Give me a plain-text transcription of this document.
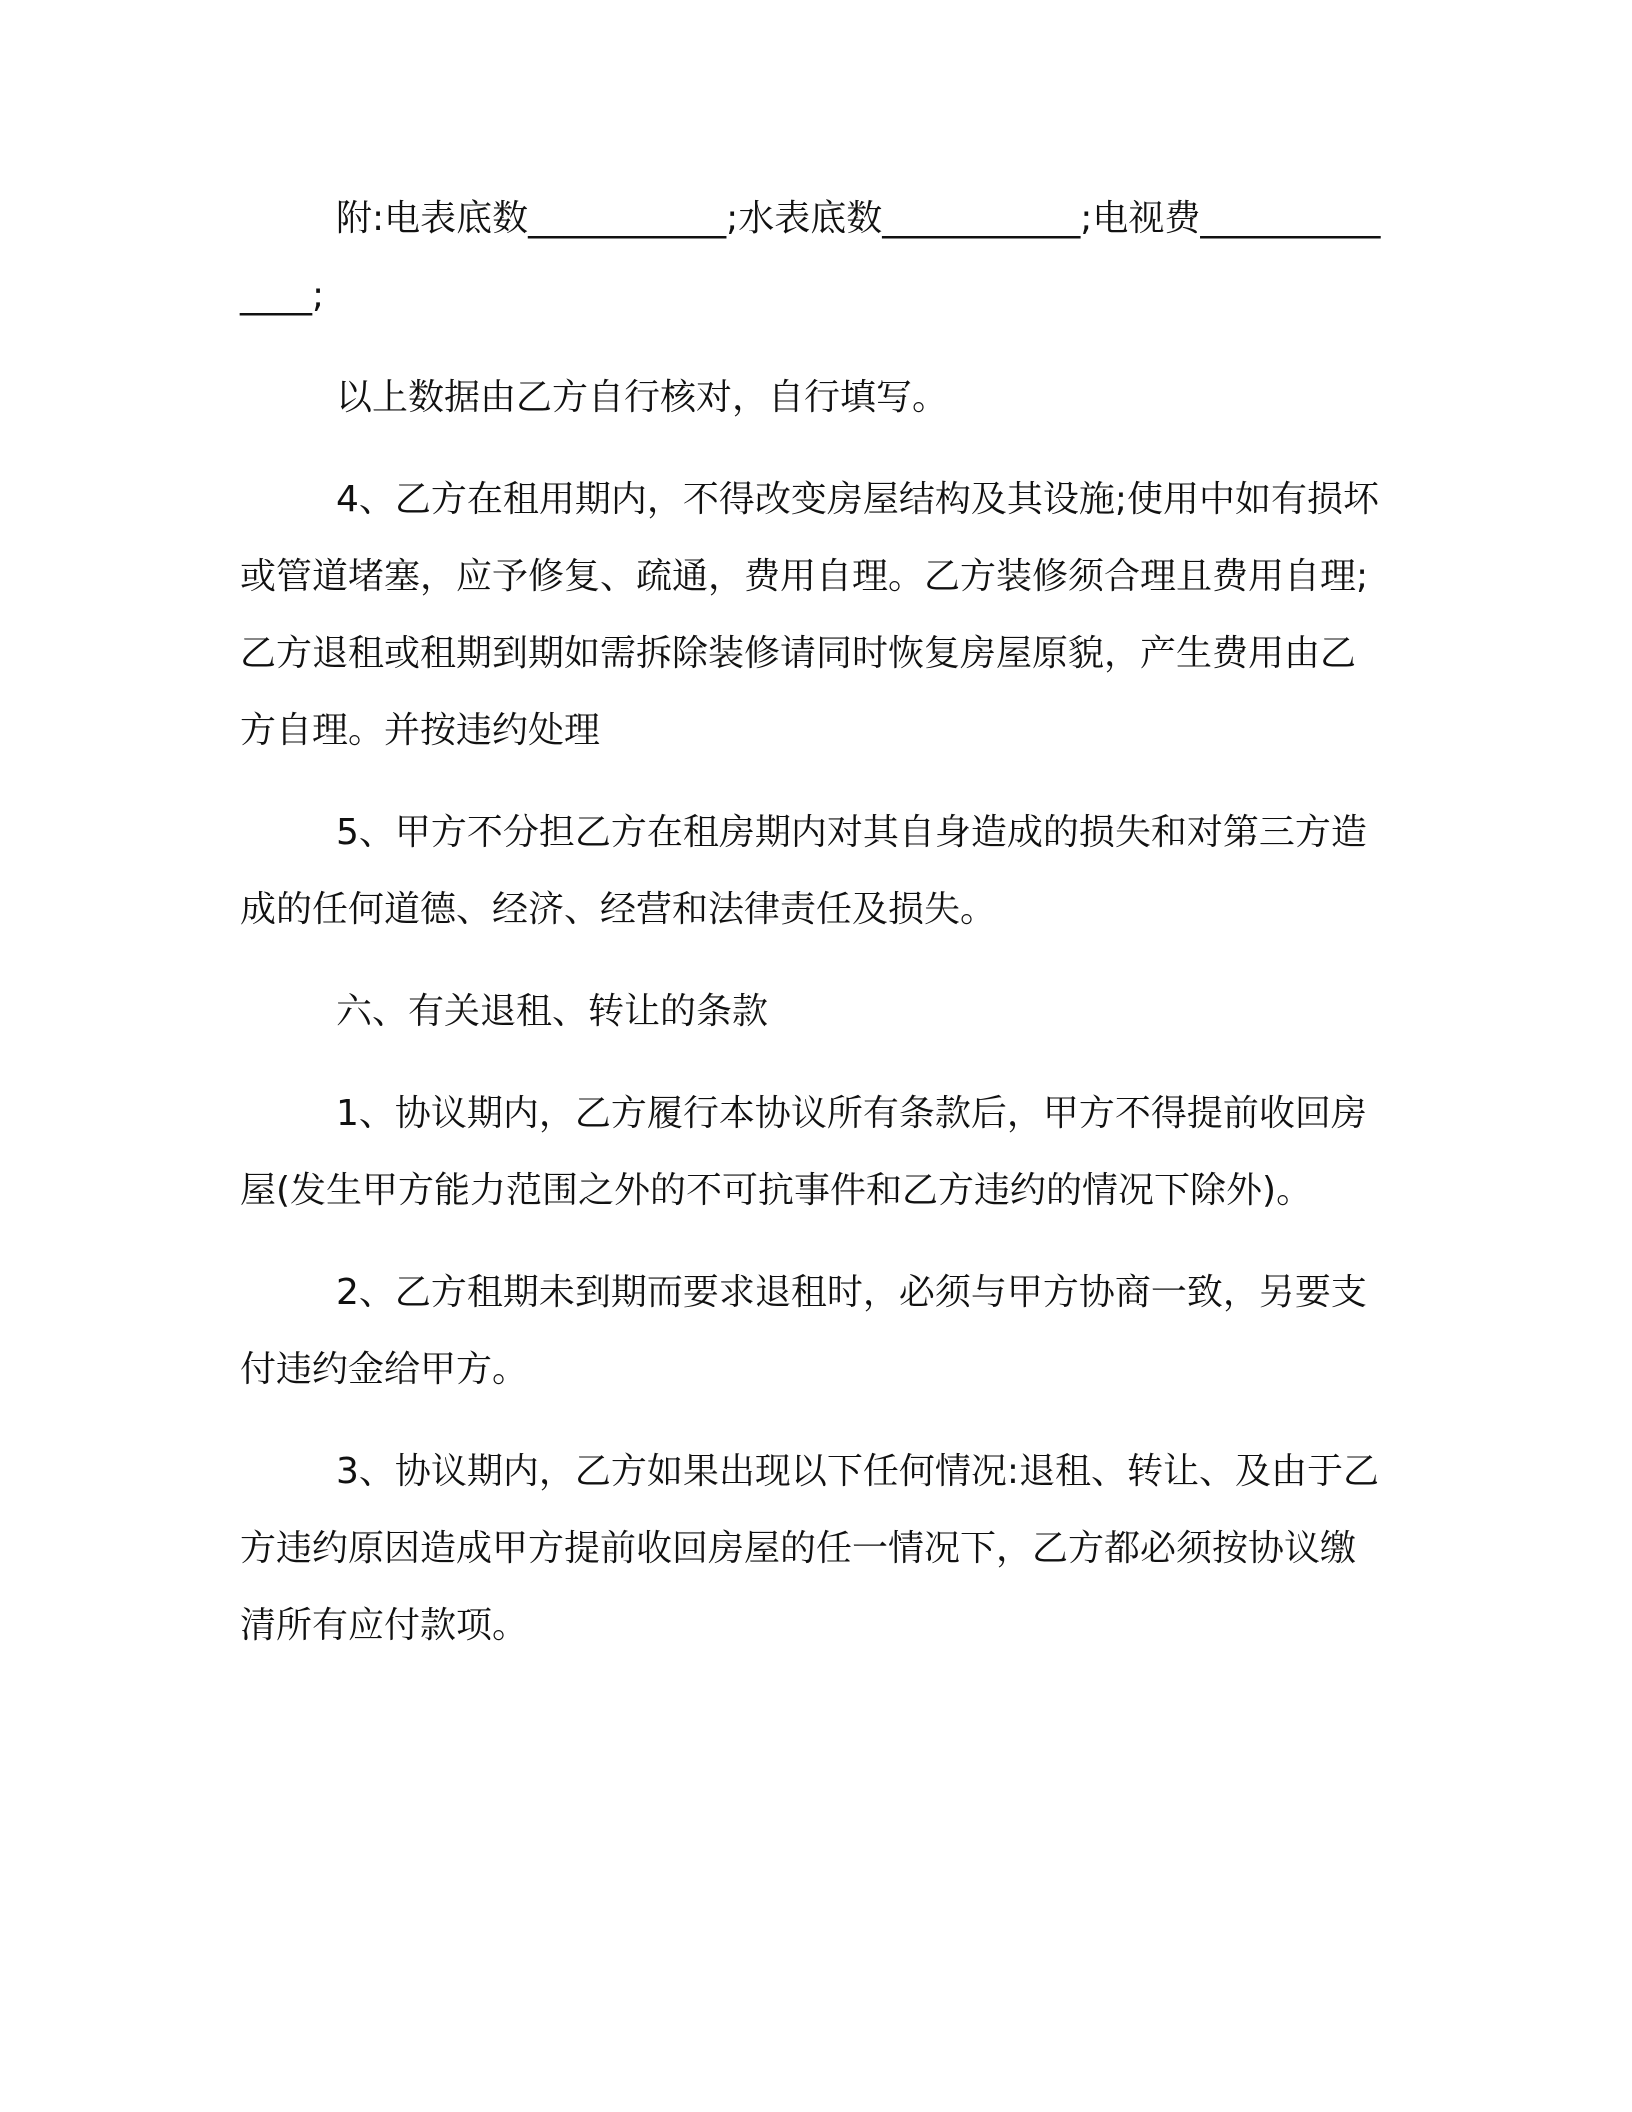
附:电表底数___________;水表底数___________;电视费______________;

以上数据由乙方自行核对，自行填写。

4、乙方在租用期内，不得改变房屋结构及其设施;使用中如有损坏或管道堵塞，应予修复、疏通，费用自理。乙方装修须合理且费用自理;乙方退租或租期到期如需拆除装修请同时恢复房屋原貌，产生费用由乙方自理。并按违约处理

5、甲方不分担乙方在租房期内对其自身造成的损失和对第三方造成的任何道德、经济、经营和法律责任及损失。

六、有关退租、转让的条款

1、协议期内，乙方履行本协议所有条款后，甲方不得提前收回房屋(发生甲方能力范围之外的不可抗事件和乙方违约的情况下除外)。

2、乙方租期未到期而要求退租时，必须与甲方协商一致，另要支付违约金给甲方。

3、协议期内，乙方如果出现以下任何情况:退租、转让、及由于乙方违约原因造成甲方提前收回房屋的任一情况下，乙方都必须按协议缴清所有应付款项。
